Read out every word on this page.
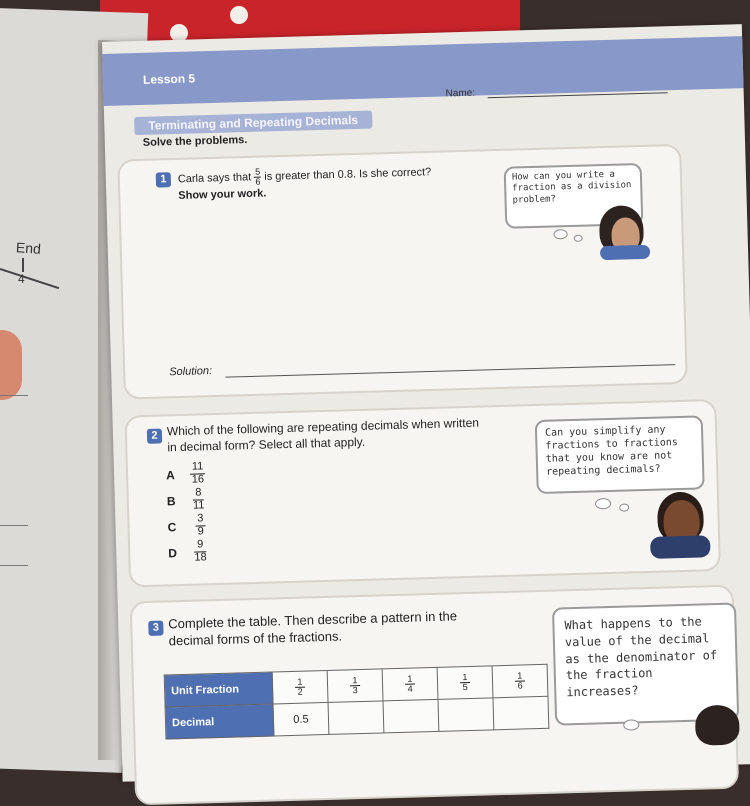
End
4
Lesson 5
Name:
Terminating and Repeating Decimals
Solve the problems.
1	Carla says that $\frac{5}{6}$ is greater than 0.8. Is she correct?
Show your work.
How can you write a fraction as a division problem?
Solution:
2 Which of the following are repeating decimals when written in decimal form? Select all that apply.
A $\frac{11}{16}$
B $\frac{8}{11}$
C $\frac{3}{9}$
D $\frac{9}{18}$
Can you simplify any fractions to fractions that you know are not repeating decimals?
3 Complete the table. Then describe a pattern in the decimal forms of the fractions.
Unit Fraction	$\frac{1}{2}$	$\frac{1}{3}$	$\frac{1}{4}$	$\frac{1}{5}$	$\frac{1}{6}$
Decimal	0.5				
What happens to the value of the decimal as the denominator of the fraction increases?
